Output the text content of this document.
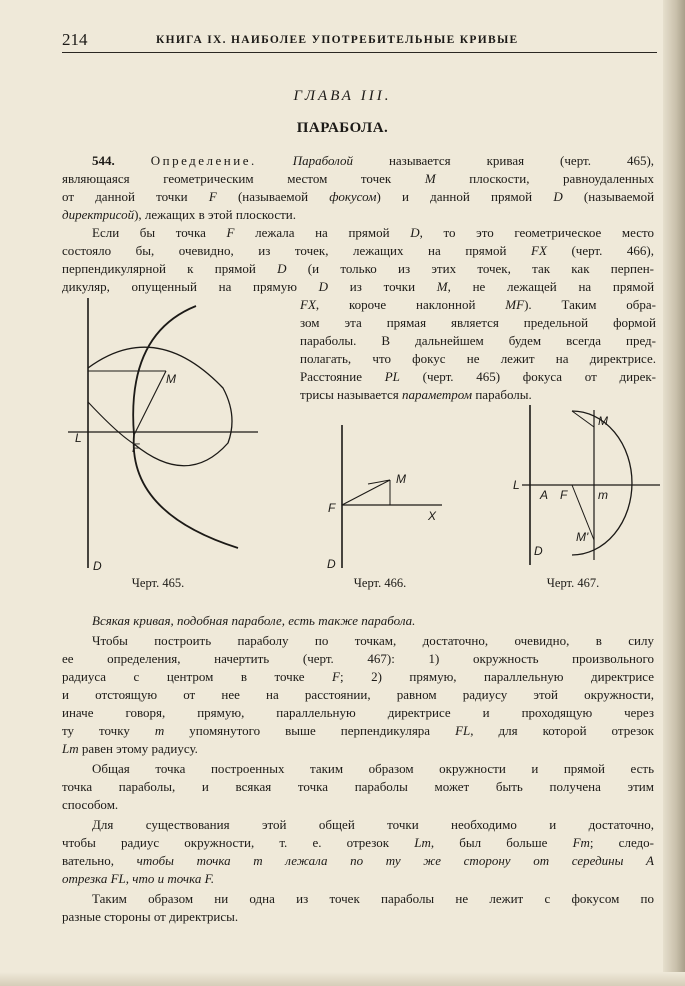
214	КНИГА IX. НАИБОЛЕЕ УПОТРЕБИТЕЛЬНЫЕ КРИВЫЕ
ГЛАВА III.
ПАРАБОЛА.
544.	Определение.	Параболой	называется кривая (черт. 465),
являющаяся геометрическим местом точек	M	плоскости, равноудаленных
от данной точки F (называемой фокусом) и данной прямой D (называемой
директрисой), лежащих в этой плоскости.
Если бы точка F лежала на прямой D, то это геометрическое место
состояло бы, очевидно, из точек, лежащих на прямой FX (черт. 466),
перпендикулярной к прямой D (и только из этих точек, так как перпен-
дикуляр, опущенный на прямую D из точки M, не лежащей на прямой
FX, короче наклонной MF). Таким обра-
зом эта прямая является предельной формой
параболы. В дальнейшем будем всегда пред-
полагать, что фокус не лежит на директрисе.
Расстояние PL (черт. 465) фокуса от дирек-
трисы называется параметром параболы.
M
L
F
D
Черт. 465.
M
F
X
D
Черт. 466.
M
L
A F	m
M'
D
Черт. 467.
Всякая кривая, подобная параболе, есть также парабола.
Чтобы построить параболу по точкам, достаточно, очевидно, в силу
ее определения, начертить (черт. 467): 1) окружность произвольного
радиуса с центром в точке F; 2) прямую, параллельную директрисе
и отстоящую от нее на расстоянии, равном радиусу этой окружности,
иначе говоря, прямую, параллельную директрисе и проходящую через
ту точку m упомянутого выше перпендикуляра FL, для которой отрезок
Lm равен этому радиусу.
Общая точка построенных таким образом окружности и прямой есть
точка параболы, и всякая точка параболы может быть получена этим
способом.
Для существования этой общей точки необходимо и достаточно,
чтобы радиус окружности, т. е. отрезок Lm, был больше Fm; следо-
вательно, чтобы точка m лежала по ту же сторону от середины A
отрезка FL, что и точка F.
Таким образом ни одна из точек параболы не лежит с фокусом по
разные стороны от директрисы.
